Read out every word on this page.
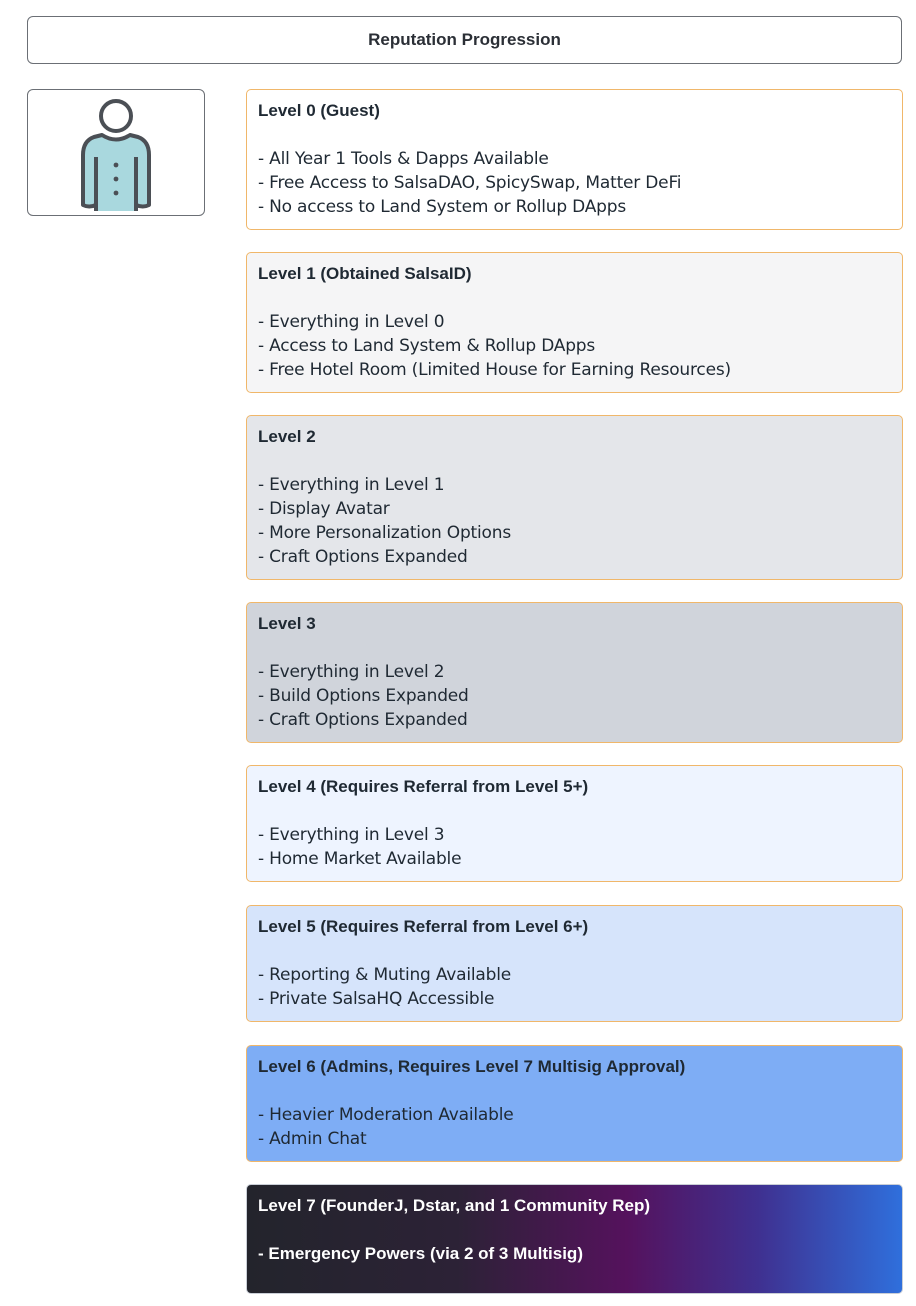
Reputation Progression
Level 0 (Guest)
- All Year 1 Tools & Dapps Available
- Free Access to SalsaDAO, SpicySwap, Matter DeFi
- No access to Land System or Rollup DApps
Level 1 (Obtained SalsaID)
- Everything in Level 0
- Access to Land System & Rollup DApps
- Free Hotel Room (Limited House for Earning Resources)
Level 2
- Everything in Level 1
- Display Avatar
- More Personalization Options
- Craft Options Expanded
Level 3
- Everything in Level 2
- Build Options Expanded
- Craft Options Expanded
Level 4 (Requires Referral from Level 5+)
- Everything in Level 3
- Home Market Available
Level 5 (Requires Referral from Level 6+)
- Reporting & Muting Available
- Private SalsaHQ Accessible
Level 6 (Admins, Requires Level 7 Multisig Approval)
- Heavier Moderation Available
- Admin Chat
Level 7 (FounderJ, Dstar, and 1 Community Rep)
- Emergency Powers (via 2 of 3 Multisig)
